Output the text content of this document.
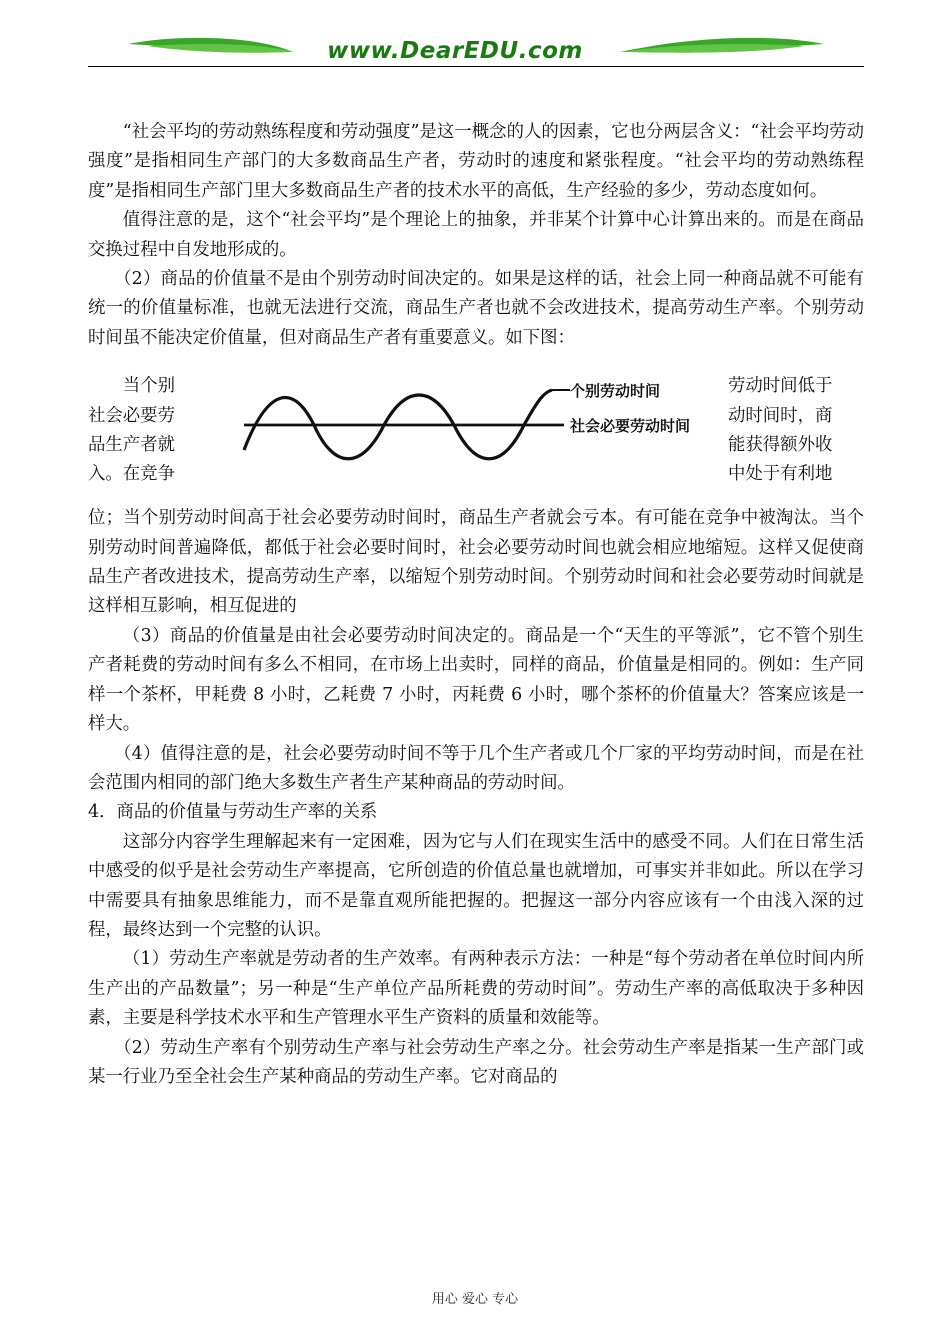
www.DearEDU.com

“社会平均的劳动熟练程度和劳动强度”是这一概念的人的因素，它也分两层含义：“社会平均劳动强度”是指相同生产部门的大多数商品生产者，劳动时的速度和紧张程度。“社会平均的劳动熟练程度”是指相同生产部门里大多数商品生产者的技术水平的高低，生产经验的多少，劳动态度如何。

值得注意的是，这个“社会平均”是个理论上的抽象，并非某个计算中心计算出来的。而是在商品交换过程中自发地形成的。

（2）商品的价值量不是由个别劳动时间决定的。如果是这样的话，社会上同一种商品就不可能有统一的价值量标准，也就无法进行交流，商品生产者也就不会改进技术，提高劳动生产率。个别劳动时间虽不能决定价值量，但对商品生产者有重要意义。如下图：

当个别
社会必要劳
品生产者就
入。在竞争
个别劳动时间
社会必要劳动时间
劳动时间低于
动时间时，商
能获得额外收
中处于有利地

位；当个别劳动时间高于社会必要劳动时间时，商品生产者就会亏本。有可能在竞争中被淘汰。当个别劳动时间普遍降低，都低于社会必要时间时，社会必要劳动时间也就会相应地缩短。这样又促使商品生产者改进技术，提高劳动生产率，以缩短个别劳动时间。个别劳动时间和社会必要劳动时间就是这样相互影响，相互促进的

（3）商品的价值量是由社会必要劳动时间决定的。商品是一个“天生的平等派”，它不管个别生产者耗费的劳动时间有多么不相同，在市场上出卖时，同样的商品，价值量是相同的。例如：生产同样一个茶杯，甲耗费 8 小时，乙耗费 7 小时，丙耗费 6 小时，哪个茶杯的价值量大？答案应该是一样大。

（4）值得注意的是，社会必要劳动时间不等于几个生产者或几个厂家的平均劳动时间，而是在社会范围内相同的部门绝大多数生产者生产某种商品的劳动时间。

4．商品的价值量与劳动生产率的关系

这部分内容学生理解起来有一定困难，因为它与人们在现实生活中的感受不同。人们在日常生活中感受的似乎是社会劳动生产率提高，它所创造的价值总量也就增加，可事实并非如此。所以在学习中需要具有抽象思维能力，而不是靠直观所能把握的。把握这一部分内容应该有一个由浅入深的过程，最终达到一个完整的认识。

（1）劳动生产率就是劳动者的生产效率。有两种表示方法：一种是“每个劳动者在单位时间内所生产出的产品数量”；另一种是“生产单位产品所耗费的劳动时间”。劳动生产率的高低取决于多种因素，主要是科学技术水平和生产管理水平生产资料的质量和效能等。

（2）劳动生产率有个别劳动生产率与社会劳动生产率之分。社会劳动生产率是指某一生产部门或某一行业乃至全社会生产某种商品的劳动生产率。它对商品的

用心 爱心 专心
